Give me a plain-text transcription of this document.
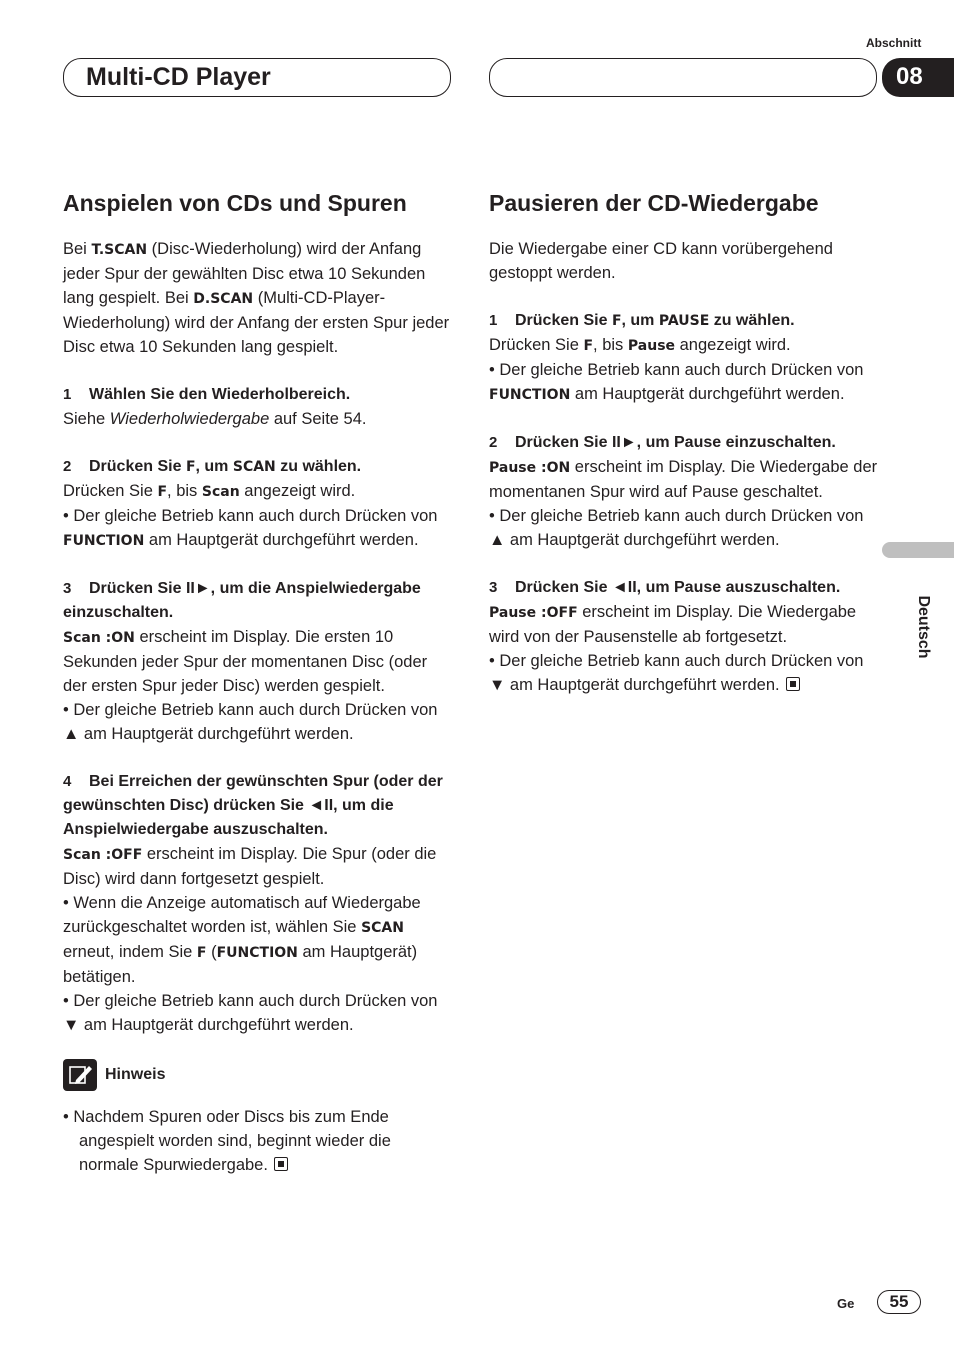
Abschnitt
Multi-CD Player	08
Anspielen von CDs und Spuren

Bei T.SCAN (Disc-Wiederholung) wird der Anfang jeder Spur der gewählten Disc etwa 10 Sekunden lang gespielt. Bei D.SCAN (Multi-CD-Player-Wiederholung) wird der Anfang der ersten Spur jeder Disc etwa 10 Sekunden lang gespielt.

1 Wählen Sie den Wiederholbereich.

Siehe Wiederholwiedergabe auf Seite 54.

2 Drücken Sie F, um SCAN zu wählen.

Drücken Sie F, bis Scan angezeigt wird.

• Der gleiche Betrieb kann auch durch Drücken von FUNCTION am Hauptgerät durchgeführt werden.

3 Drücken Sie II►, um die Anspielwiedergabe einzuschalten.

Scan :ON erscheint im Display. Die ersten 10 Sekunden jeder Spur der momentanen Disc (oder der ersten Spur jeder Disc) werden gespielt.

• Der gleiche Betrieb kann auch durch Drücken von ▲ am Hauptgerät durchgeführt werden.

4 Bei Erreichen der gewünschten Spur (oder der gewünschten Disc) drücken Sie ◄II, um die Anspielwiedergabe auszuschalten.

Scan :OFF erscheint im Display. Die Spur (oder die Disc) wird dann fortgesetzt gespielt.

• Wenn die Anzeige automatisch auf Wiedergabe zurückgeschaltet worden ist, wählen Sie SCAN erneut, indem Sie F (FUNCTION am Hauptgerät) betätigen.

• Der gleiche Betrieb kann auch durch Drücken von ▼ am Hauptgerät durchgeführt werden.

Hinweis

• Nachdem Spuren oder Discs bis zum Ende angespielt worden sind, beginnt wieder die normale Spurwiedergabe.

Pausieren der CD-Wiedergabe

Die Wiedergabe einer CD kann vorübergehend gestoppt werden.

1 Drücken Sie F, um PAUSE zu wählen.

Drücken Sie F, bis Pause angezeigt wird.

• Der gleiche Betrieb kann auch durch Drücken von FUNCTION am Hauptgerät durchgeführt werden.

2 Drücken Sie II►, um Pause einzuschalten.

Pause :ON erscheint im Display. Die Wiedergabe der momentanen Spur wird auf Pause geschaltet.

• Der gleiche Betrieb kann auch durch Drücken von ▲ am Hauptgerät durchgeführt werden.

3 Drücken Sie ◄II, um Pause auszuschalten.

Pause :OFF erscheint im Display. Die Wiedergabe wird von der Pausenstelle ab fortgesetzt.

• Der gleiche Betrieb kann auch durch Drücken von ▼ am Hauptgerät durchgeführt werden.

Deutsch
Ge	55
